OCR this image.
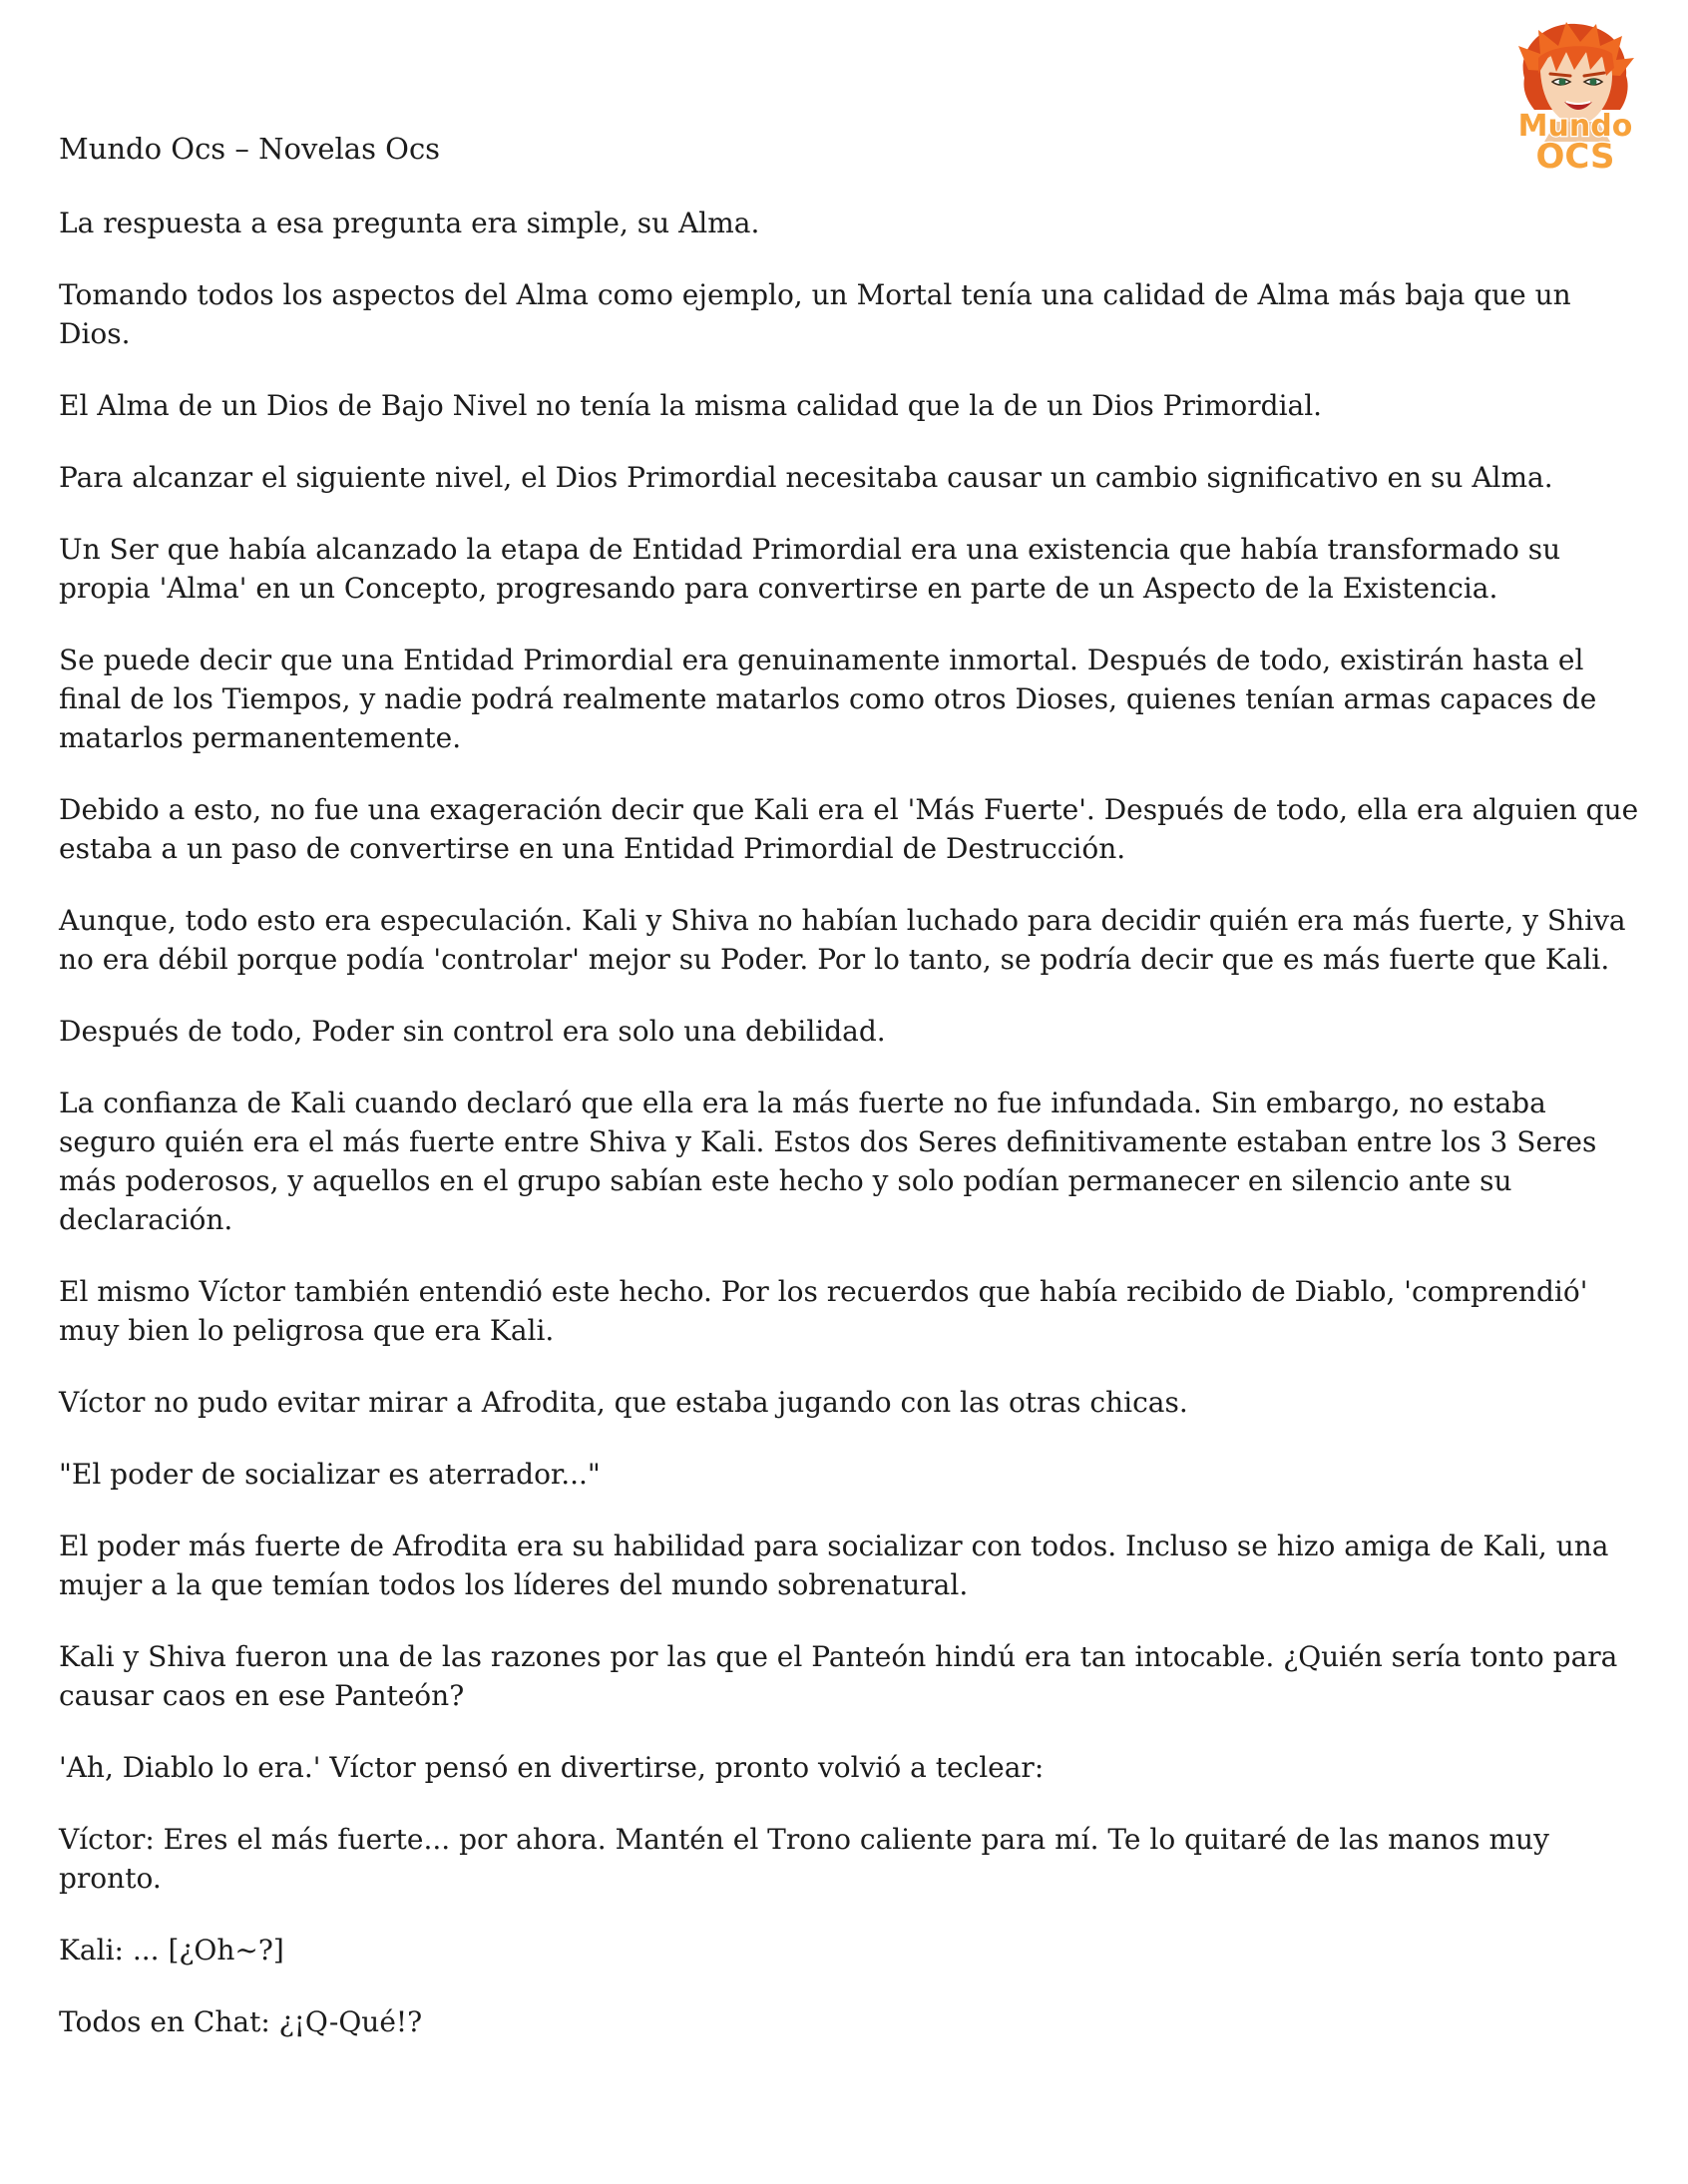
Mundo Ocs – Novelas Ocs
Mundo
OCS

La respuesta a esa pregunta era simple, su Alma.

Tomando todos los aspectos del Alma como ejemplo, un Mortal tenía una calidad de Alma más baja que un Dios.

El Alma de un Dios de Bajo Nivel no tenía la misma calidad que la de un Dios Primordial.

Para alcanzar el siguiente nivel, el Dios Primordial necesitaba causar un cambio significativo en su Alma.

Un Ser que había alcanzado la etapa de Entidad Primordial era una existencia que había transformado su propia 'Alma' en un Concepto, progresando para convertirse en parte de un Aspecto de la Existencia.

Se puede decir que una Entidad Primordial era genuinamente inmortal. Después de todo, existirán hasta el final de los Tiempos, y nadie podrá realmente matarlos como otros Dioses, quienes tenían armas capaces de matarlos permanentemente.

Debido a esto, no fue una exageración decir que Kali era el 'Más Fuerte'. Después de todo, ella era alguien que estaba a un paso de convertirse en una Entidad Primordial de Destrucción.

Aunque, todo esto era especulación. Kali y Shiva no habían luchado para decidir quién era más fuerte, y Shiva no era débil porque podía 'controlar' mejor su Poder. Por lo tanto, se podría decir que es más fuerte que Kali.

Después de todo, Poder sin control era solo una debilidad.

La confianza de Kali cuando declaró que ella era la más fuerte no fue infundada. Sin embargo, no estaba seguro quién era el más fuerte entre Shiva y Kali. Estos dos Seres definitivamente estaban entre los 3 Seres más poderosos, y aquellos en el grupo sabían este hecho y solo podían permanecer en silencio ante su declaración.

El mismo Víctor también entendió este hecho. Por los recuerdos que había recibido de Diablo, 'comprendió' muy bien lo peligrosa que era Kali.

Víctor no pudo evitar mirar a Afrodita, que estaba jugando con las otras chicas.

"El poder de socializar es aterrador..."

El poder más fuerte de Afrodita era su habilidad para socializar con todos. Incluso se hizo amiga de Kali, una mujer a la que temían todos los líderes del mundo sobrenatural.

Kali y Shiva fueron una de las razones por las que el Panteón hindú era tan intocable. ¿Quién sería tonto para causar caos en ese Panteón?

'Ah, Diablo lo era.' Víctor pensó en divertirse, pronto volvió a teclear:

Víctor: Eres el más fuerte... por ahora. Mantén el Trono caliente para mí. Te lo quitaré de las manos muy pronto.

Kali: ... [¿Oh~?]

Todos en Chat: ¿¡Q-Qué!?
